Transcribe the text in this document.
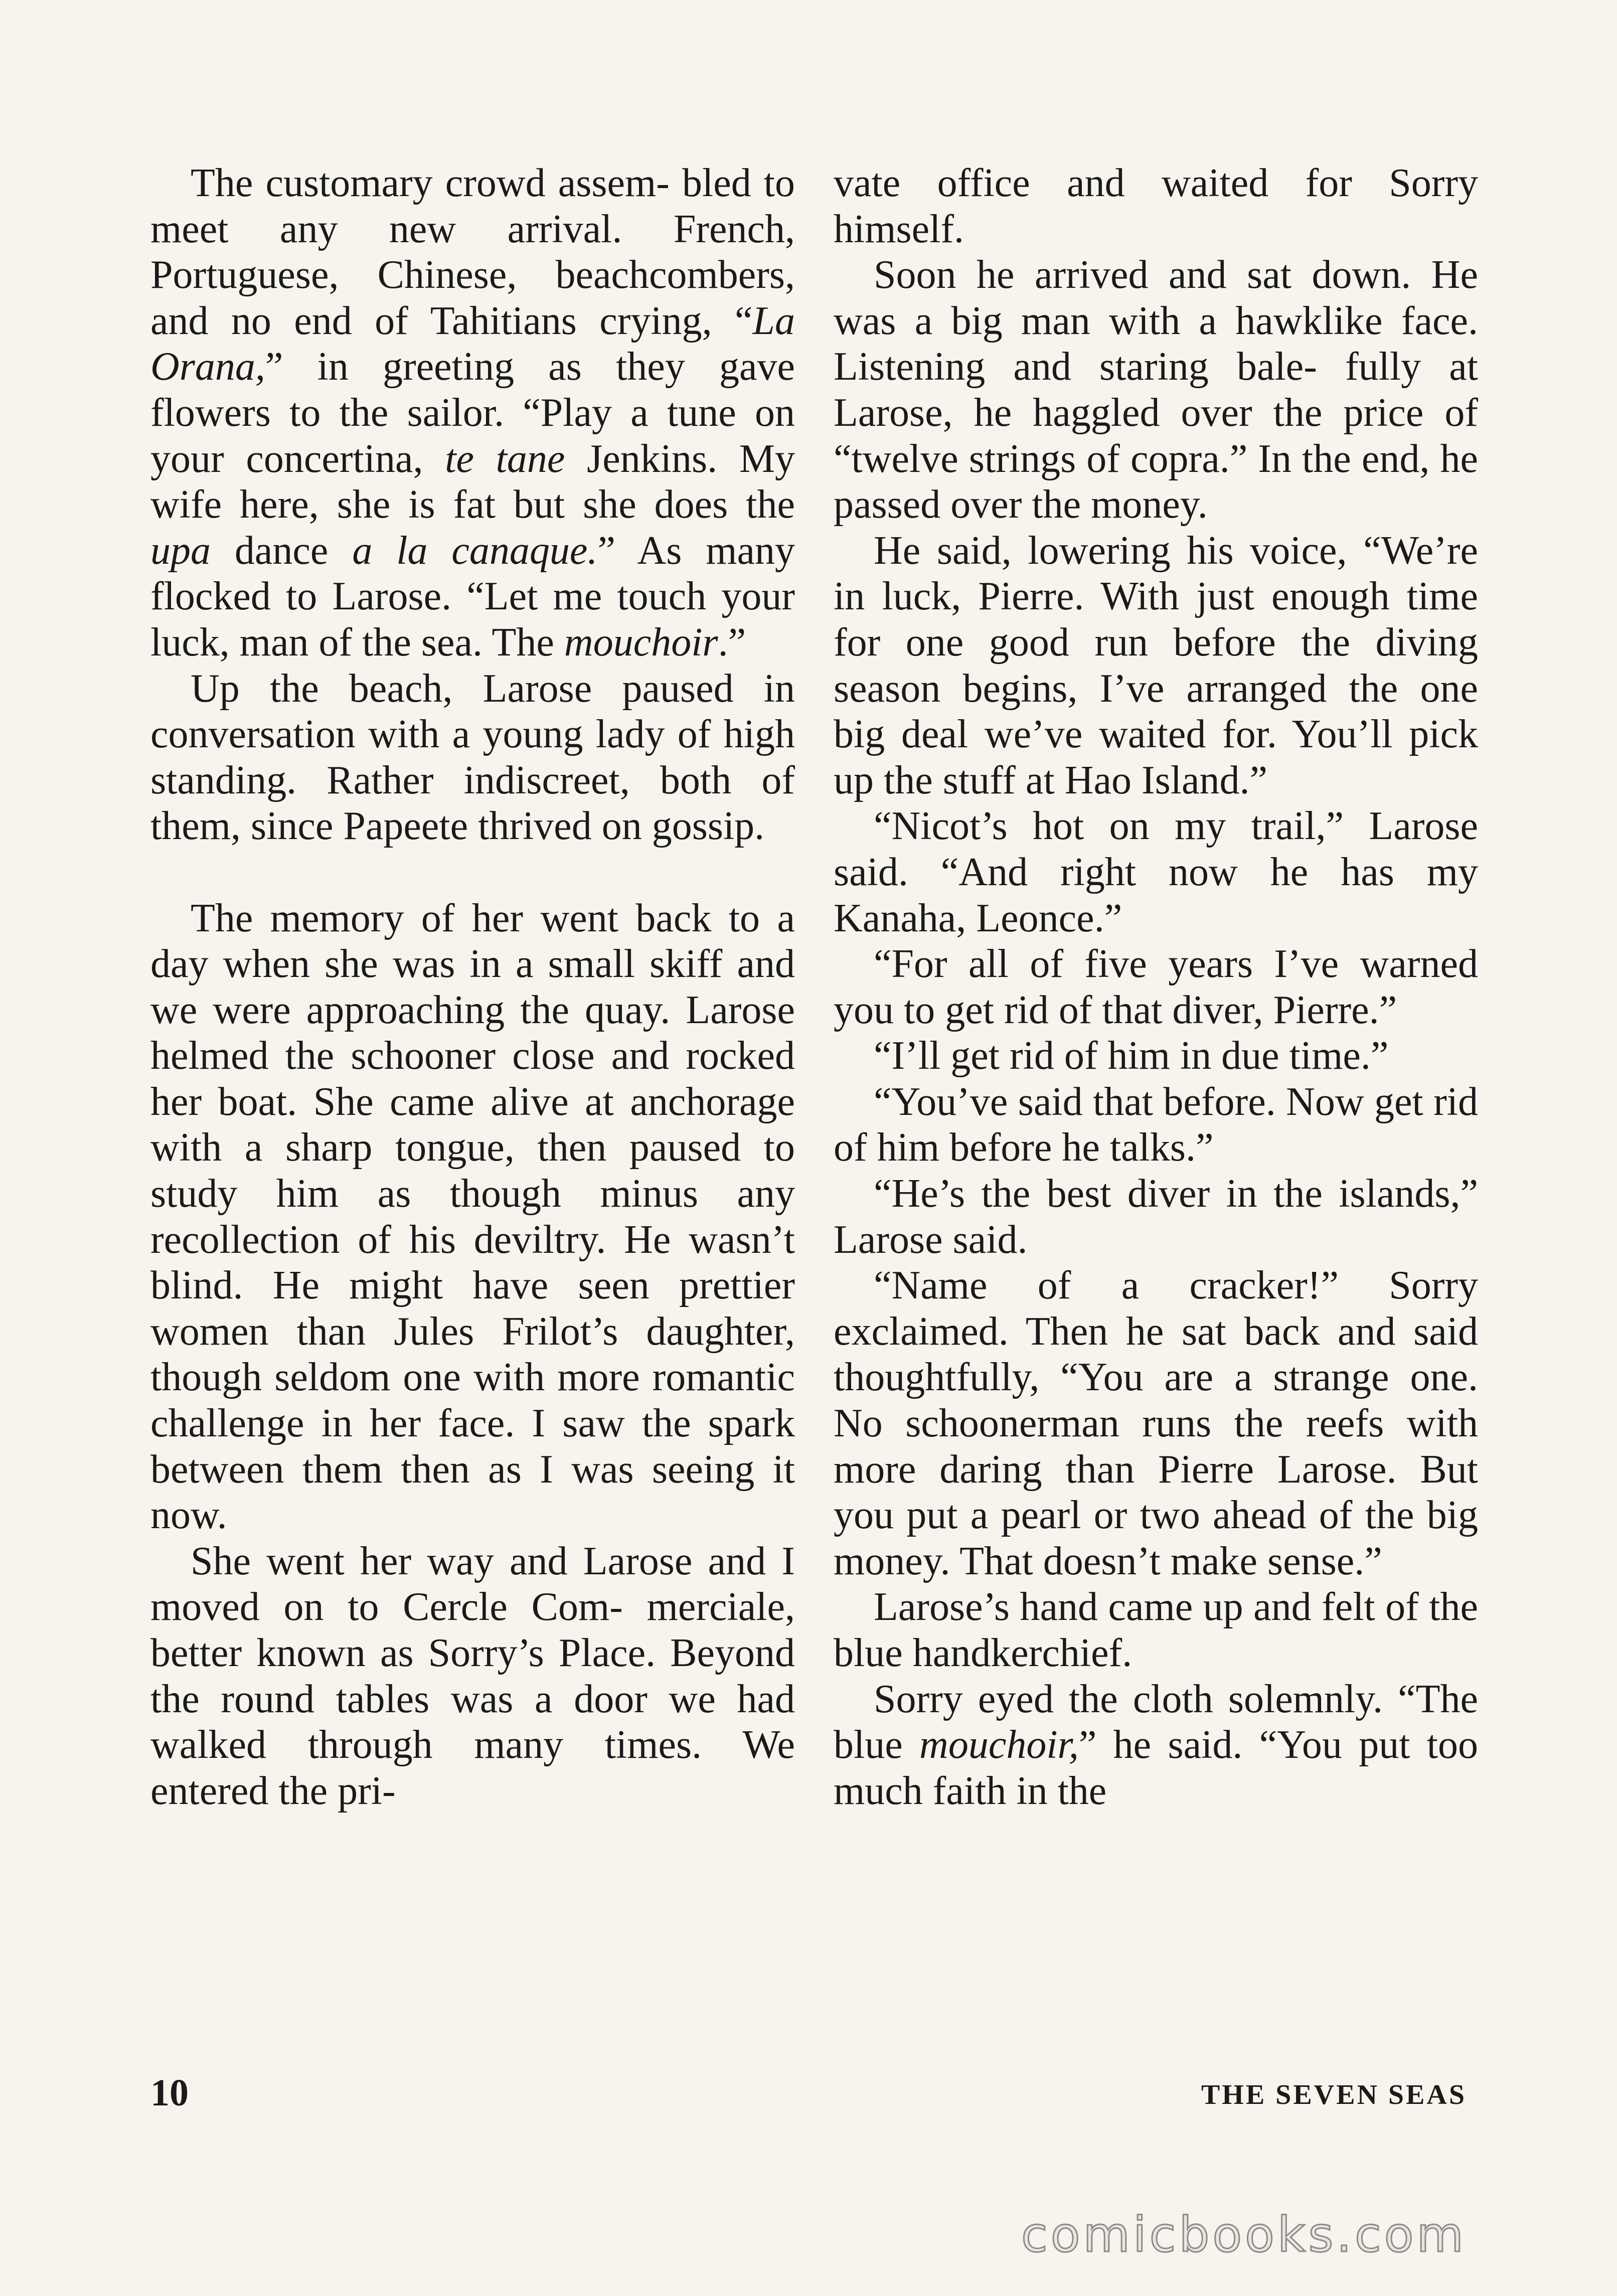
The customary crowd assem- bled to meet any new arrival. French, Portuguese, Chinese, beachcombers, and no end of Tahitians crying, “La Orana,” in greeting as they gave flowers to the sailor. “Play a tune on your concertina, te tane Jenkins. My wife here, she is fat but she does the upa dance a la canaque.” As many flocked to Larose. “Let me touch your luck, man of the sea. The mouchoir.”

Up the beach, Larose paused in conversation with a young lady of high standing. Rather indiscreet, both of them, since Papeete thrived on gossip.

The memory of her went back to a day when she was in a small skiff and we were approaching the quay. Larose helmed the schooner close and rocked her boat. She came alive at anchorage with a sharp tongue, then paused to study him as though minus any recollection of his deviltry. He wasn’t blind. He might have seen prettier women than Jules Frilot’s daughter, though seldom one with more romantic challenge in her face. I saw the spark between them then as I was seeing it now.

She went her way and Larose and I moved on to Cercle Com- merciale, better known as Sorry’s Place. Beyond the round tables was a door we had walked through many times. We entered the pri-

vate office and waited for Sorry himself.

Soon he arrived and sat down. He was a big man with a hawklike face. Listening and staring bale- fully at Larose, he haggled over the price of “twelve strings of copra.” In the end, he passed over the money.

He said, lowering his voice, “We’re in luck, Pierre. With just enough time for one good run before the diving season begins, I’ve arranged the one big deal we’ve waited for. You’ll pick up the stuff at Hao Island.”

“Nicot’s hot on my trail,” Larose said. “And right now he has my Kanaha, Leonce.”

“For all of five years I’ve warned you to get rid of that diver, Pierre.”

“I’ll get rid of him in due time.”

“You’ve said that before. Now get rid of him before he talks.”

“He’s the best diver in the islands,” Larose said.

“Name of a cracker!” Sorry exclaimed. Then he sat back and said thoughtfully, “You are a strange one. No schoonerman runs the reefs with more daring than Pierre Larose. But you put a pearl or two ahead of the big money. That doesn’t make sense.”

Larose’s hand came up and felt of the blue handkerchief.

Sorry eyed the cloth solemnly. “The blue mouchoir,” he said. “You put too much faith in the

10	THE SEVEN SEAS
comicbooks.com
